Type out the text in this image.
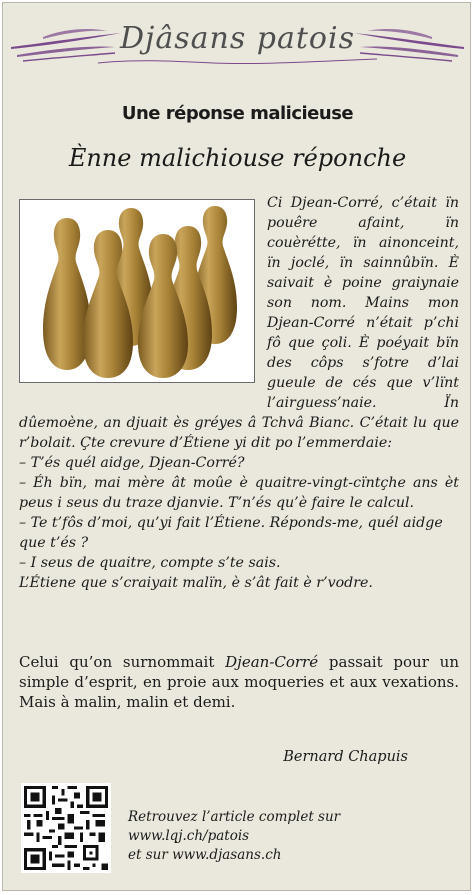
Djâsans patois
Une réponse malicieuse
Ènne malichiouse réponche

Ci Djean-Corré, c’était ïn pouêre afaint, ïn couèrétte, ïn ainonceint, ïn joclé, ïn sainnûbïn. È saivait è poine graiynaie son nom. Mains mon Djean-Corré n’était p’chi fô que çoli. È poéyait bïn des côps s’fotre d’lai gueule de cés que v’lïnt l’airguess’naie. Ïn dûemoène, an djuait ès gréyes â Tchvâ Bianc. C’était lu que r’bolait. Çte crevure d’Étiene yi dit po l’emmerdaie:

– T’és quél aidge, Djean-Corré?
– Éh bïn, mai mère ât moûe è quaitre-vingt-cïntçhe ans èt peus i seus du traze djanvie. T’n’és qu’è faire le calcul.
– Te t’fôs d’moi, qu’yi fait l’Étiene. Réponds-me, quél aidge que t’és ?
– I seus de quaitre, compte s’te sais.
L’Étiene que s’craiyait malïn, è s’ât fait è r’vodre.
Celui qu’on surnommait Djean-Corré passait pour un simple d’esprit, en proie aux moqueries et aux vexations. Mais à malin, malin et demi.
Bernard Chapuis
Retrouvez l’article complet sur
www.lqj.ch/patois
et sur www.djasans.ch
